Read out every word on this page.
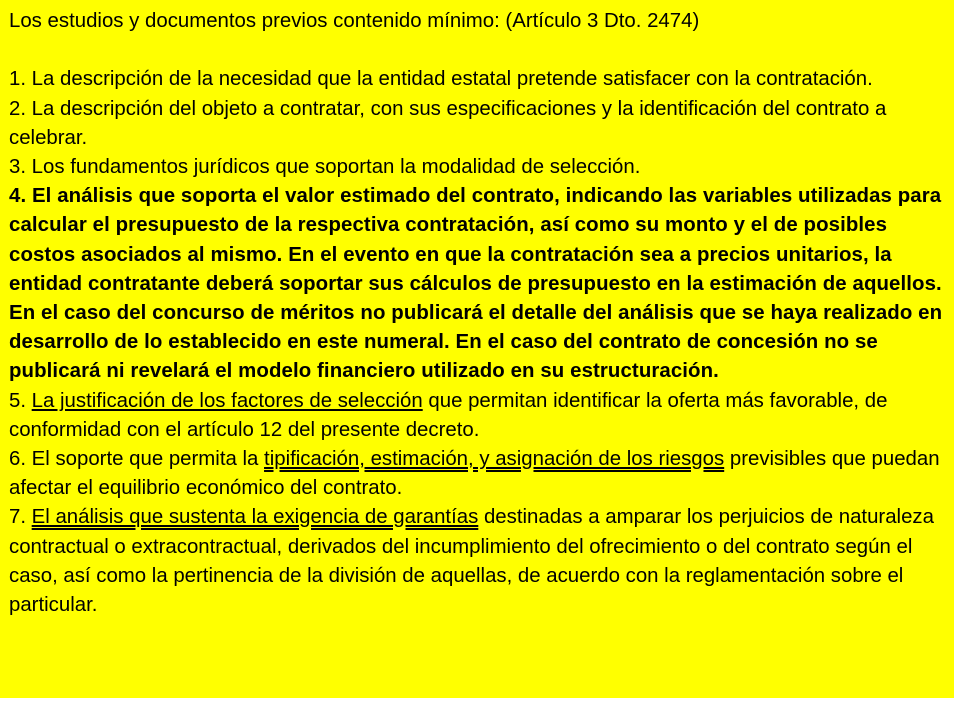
Los estudios y documentos previos contenido mínimo: (Artículo 3 Dto. 2474)

1. La descripción de la necesidad que la entidad estatal pretende satisfacer con la contratación.

2. La descripción del objeto a contratar, con sus especificaciones y la identificación del contrato a celebrar.

3. Los fundamentos jurídicos que soportan la modalidad de selección.

4. El análisis que soporta el valor estimado del contrato, indicando las variables utilizadas para calcular el presupuesto de la respectiva contratación, así como su monto y el de posibles costos asociados al mismo. En el evento en que la contratación sea a precios unitarios, la entidad contratante deberá soportar sus cálculos de presupuesto en la estimación de aquellos. En el caso del concurso de méritos no publicará el detalle del análisis que se haya realizado en desarrollo de lo establecido en este numeral. En el caso del contrato de concesión no se publicará ni revelará el modelo financiero utilizado en su estructuración.

5. La justificación de los factores de selección que permitan identificar la oferta más favorable, de conformidad con el artículo 12 del presente decreto.

6. El soporte que permita la tipificación, estimación, y asignación de los riesgos previsibles que puedan afectar el equilibrio económico del contrato.

7. El análisis que sustenta la exigencia de garantías destinadas a amparar los perjuicios de naturaleza contractual o extracontractual, derivados del incumplimiento del ofrecimiento o del contrato según el caso, así como la pertinencia de la división de aquellas, de acuerdo con la reglamentación sobre el particular.
